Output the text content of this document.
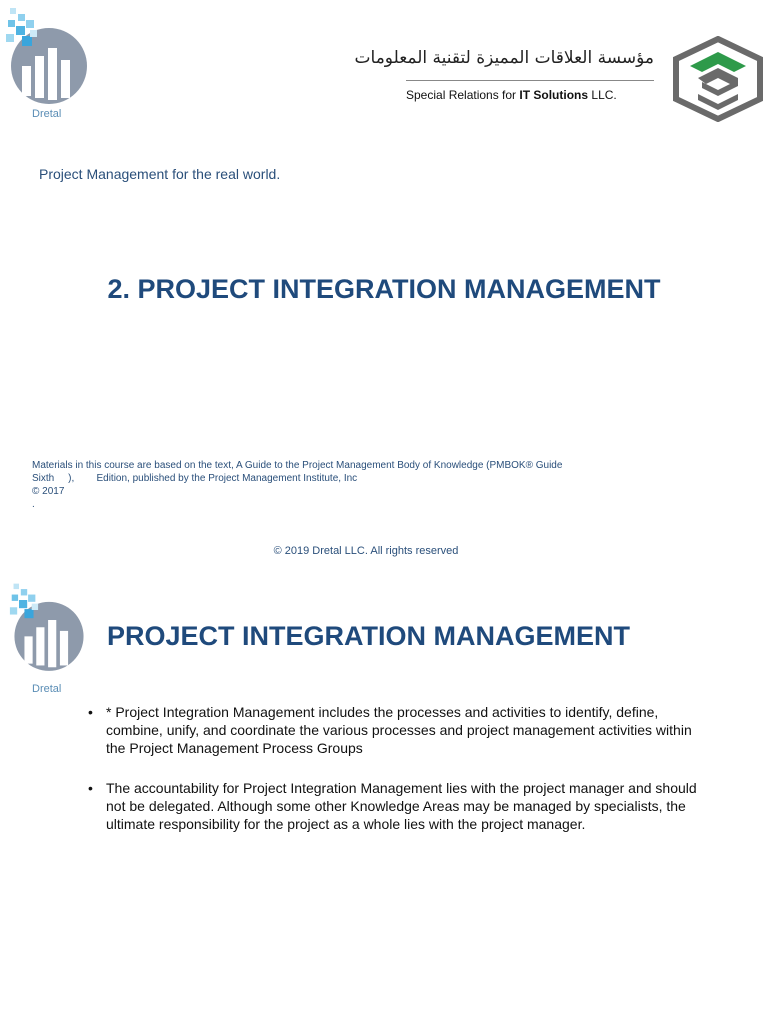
Dretal
مؤسسة العلاقات المميزة لتقنية المعلومات
Special Relations for IT Solutions LLC.
Project Management for the real world.
2. PROJECT INTEGRATION MANAGEMENT
Materials in this course are based on the text, A Guide to the Project Management Body of Knowledge (PMBOK® Guide
Sixth     ),        Edition, published by the Project Management Institute, Inc
© 2017
.
© 2019 Dretal LLC. All rights reserved
Dretal
PROJECT INTEGRATION MANAGEMENT
• * Project Integration Management includes the processes and activities to identify, define, combine, unify, and coordinate the various processes and project management activities within the Project Management Process Groups
• The accountability for Project Integration Management lies with the project manager and should not be delegated. Although some other Knowledge Areas may be managed by specialists, the ultimate responsibility for the project as a whole lies with the project manager.
